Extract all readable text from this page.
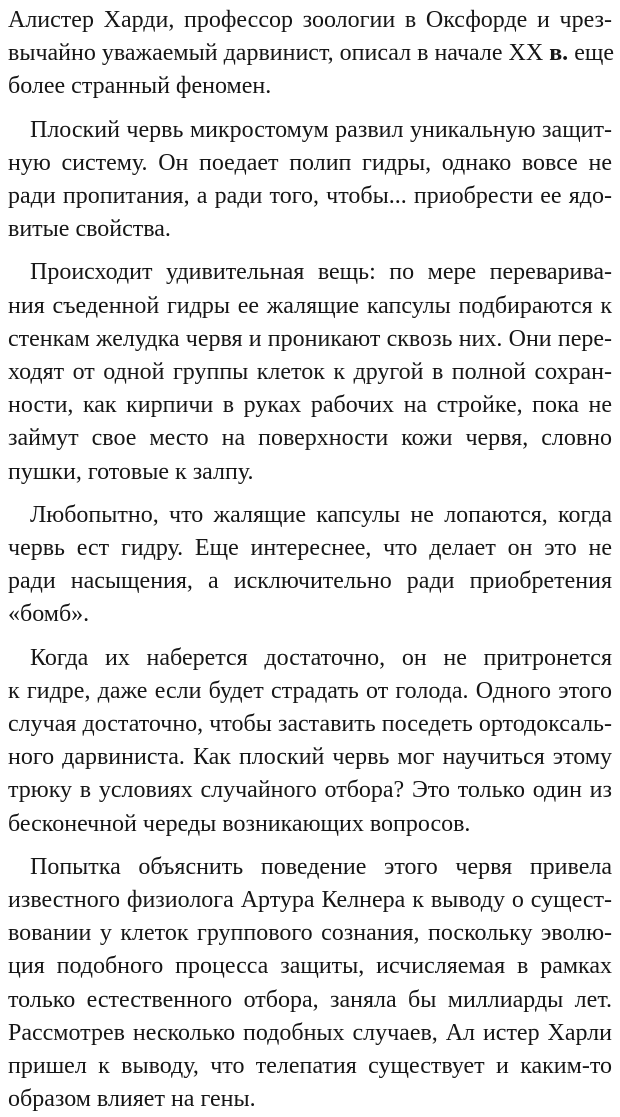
Алистер Харди, профессор зоологии в Оксфорде и чрез-
вычайно уважаемый дарвинист, описал в начале XX в. еще
более странный феномен.

Плоский червь микростомум развил уникальную защит-
ную систему. Он поедает полип гидры, однако вовсе не
ради пропитания, а ради того, чтобы... приобрести ее ядо-
витые свойства.

Происходит удивительная вещь: по мере переварива-
ния съеденной гидры ее жалящие капсулы подбираются к
стенкам желудка червя и проникают сквозь них. Они пере-
ходят от одной группы клеток к другой в полной сохран-
ности, как кирпичи в руках рабочих на стройке, пока не
займут свое место на поверхности кожи червя, словно
пушки, готовые к залпу.

Любопытно, что жалящие капсулы не лопаются, когда
червь ест гидру. Еще интереснее, что делает он это не
ради насыщения, а исключительно ради приобретения
«бомб».

Когда их наберется достаточно, он не притронется
к гидре, даже если будет страдать от голода. Одного этого
случая достаточно, чтобы заставить поседеть ортодоксаль-
ного дарвиниста. Как плоский червь мог научиться этому
трюку в условиях случайного отбора? Это только один из
бесконечной череды возникающих вопросов.

Попытка объяснить поведение этого червя привела
известного физиолога Артура Келнера к выводу о сущест-
вовании у клеток группового сознания, поскольку эволю-
ция подобного процесса защиты, исчисляемая в рамках
только естественного отбора, заняла бы миллиарды лет.
Рассмотрев несколько подобных случаев, Ал истер Харли
пришел к выводу, что телепатия существует и каким-то
образом влияет на гены.
